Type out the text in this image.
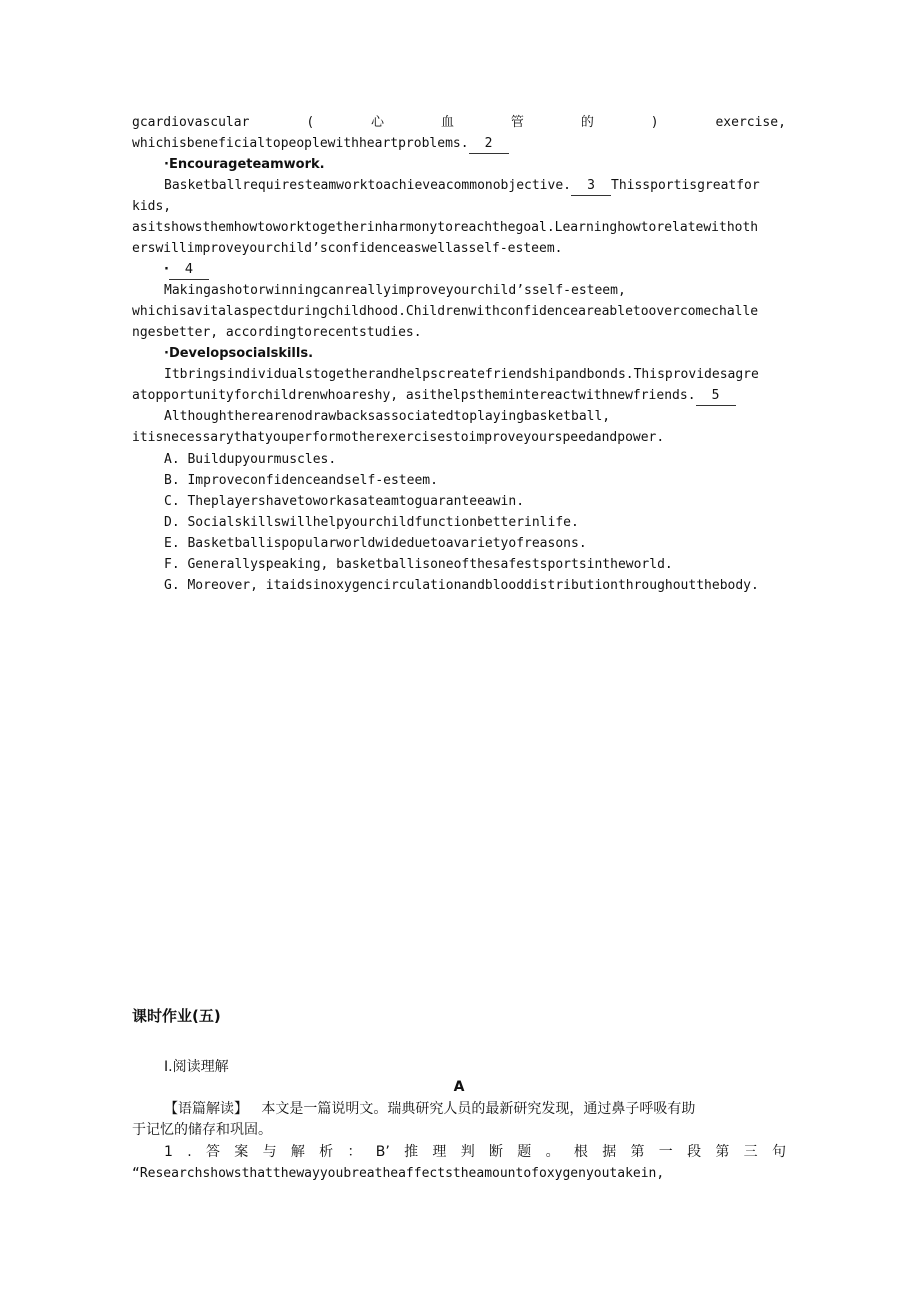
gcardiovascular	(	心	血	管	的	)	exercise,
whichisbeneficialtopeoplewithheartproblems. 2
·Encourageteamwork.
Basketballrequiresteamworktoachieveacommonobjective. 3 Thissportisgreatfor
kids,
asitshowsthemhowtoworktogetherinharmonytoreachthegoal.Learninghowtorelatewithoth
erswillimproveyourchild’sconfidenceaswellasself-esteem.
· 4
Makingashotorwinningcanreallyimproveyourchild’sself-esteem,
whichisavitalaspectduringchildhood.Childrenwithconfidenceareabletoovercomechalle
ngesbetter, accordingtorecentstudies.
·Developsocialskills.
Itbringsindividualstogetherandhelpscreatefriendshipandbonds.Thisprovidesagre
atopportunityforchildrenwhoareshy, asithelpsthemintereactwithnewfriends. 5
Althoughtherearenodrawbacksassociatedtoplayingbasketball,
itisnecessarythatyouperformotherexercisestoimproveyourspeedandpower.
A. Buildupyourmuscles.
B. Improveconfidenceandself-esteem.
C. Theplayershavetoworkasateamtoguaranteeawin.
D. Socialskillswillhelpyourchildfunctionbetterinlife.
E. Basketballispopularworldwideduetoavarietyofreasons.
F. Generallyspeaking, basketballisoneofthesafestsportsintheworld.
G. Moreover, itaidsinoxygencirculationandblooddistributionthroughoutthebody.
课时作业(五)
Ⅰ.阅读理解
A
【语篇解读】 本文是一篇说明文。瑞典研究人员的最新研究发现，通过鼻子呼吸有助
于记忆的储存和巩固。
1 . 答 案 与 解 析 ： B’ 推 理 判 断 题 。 根 据 第 一 段 第 三 句
“Researchshowsthatthewayyoubreatheaffectstheamountofoxygenyoutakein,
